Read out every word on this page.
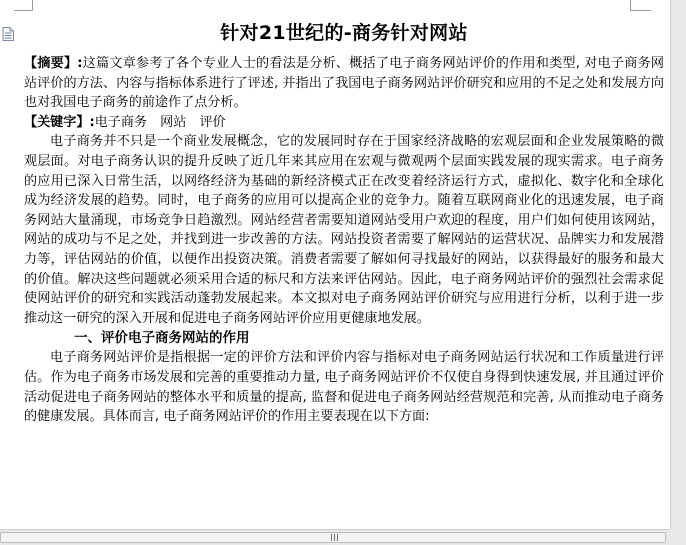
针对21世纪的-商务针对网站

【摘要】:这篇文章参考了各个专业人士的看法是分析、概括了电子商务网站评价的作用和类型, 对电子商务网站评价的方法、内容与指标体系进行了评述, 并指出了我国电子商务网站评价研究和应用的不足之处和发展方向也对我国电子商务的前途作了点分析。

【关键字】:电子商务　网站　评价

电子商务并不只是一个商业发展概念，它的发展同时存在于国家经济战略的宏观层面和企业发展策略的微观层面。对电子商务认识的提升反映了近几年来其应用在宏观与微观两个层面实践发展的现实需求。电子商务的应用已深入日常生活，以网络经济为基础的新经济模式正在改变着经济运行方式，虚拟化、数字化和全球化成为经济发展的趋势。同时，电子商务的应用可以提高企业的竞争力。随着互联网商业化的迅速发展，电子商务网站大量涌现，市场竞争日趋激烈。网站经营者需要知道网站受用户欢迎的程度，用户们如何使用该网站，网站的成功与不足之处，并找到进一步改善的方法。网站投资者需要了解网站的运营状况、品牌实力和发展潜力等，评估网站的价值，以便作出投资决策。消费者需要了解如何寻找最好的网站，以获得最好的服务和最大的价值。解决这些问题就必须采用合适的标尺和方法来评估网站。因此，电子商务网站评价的强烈社会需求促使网站评价的研究和实践活动蓬勃发展起来。本文拟对电子商务网站评价研究与应用进行分析，以利于进一步推动这一研究的深入开展和促进电子商务网站评价应用更健康地发展。

一、评价电子商务网站的作用

电子商务网站评价是指根据一定的评价方法和评价内容与指标对电子商务网站运行状况和工作质量进行评估。作为电子商务市场发展和完善的重要推动力量, 电子商务网站评价不仅使自身得到快速发展, 并且通过评价活动促进电子商务网站的整体水平和质量的提高, 监督和促进电子商务网站经营规范和完善, 从而推动电子商务的健康发展。具体而言, 电子商务网站评价的作用主要表现在以下方面:
